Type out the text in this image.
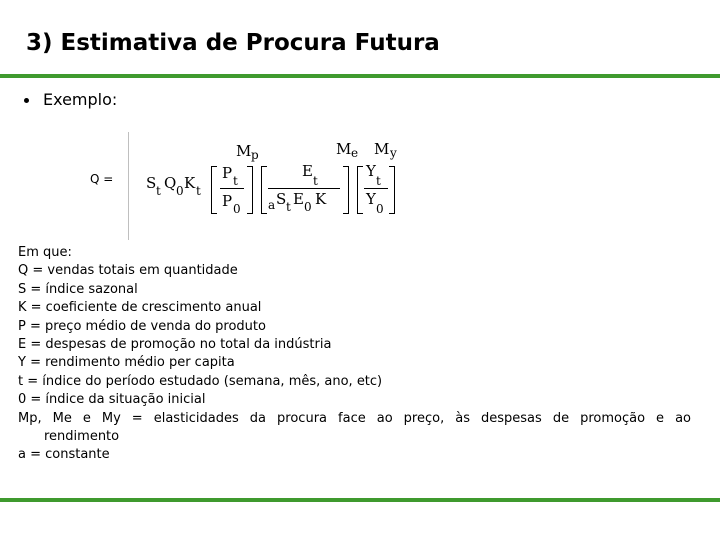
3) Estimativa de Procura Futura
Exemplo:
Q = S t Q 0 K t
P t
P 0
M p
E
t
a S t E 0 K
M e
Y
t
Y
0
M y
Em que:
Q = vendas totais em quantidade
S = índice sazonal
K = coeficiente de crescimento anual
P = preço médio de venda do produto
E = despesas de promoção no total da indústria
Y = rendimento médio per capita
t = índice do período estudado (semana, mês, ano, etc)
0 = índice da situação inicial
Mp, Me e My = elasticidades da procura face ao preço, às despesas de promoção e ao
rendimento
a = constante
